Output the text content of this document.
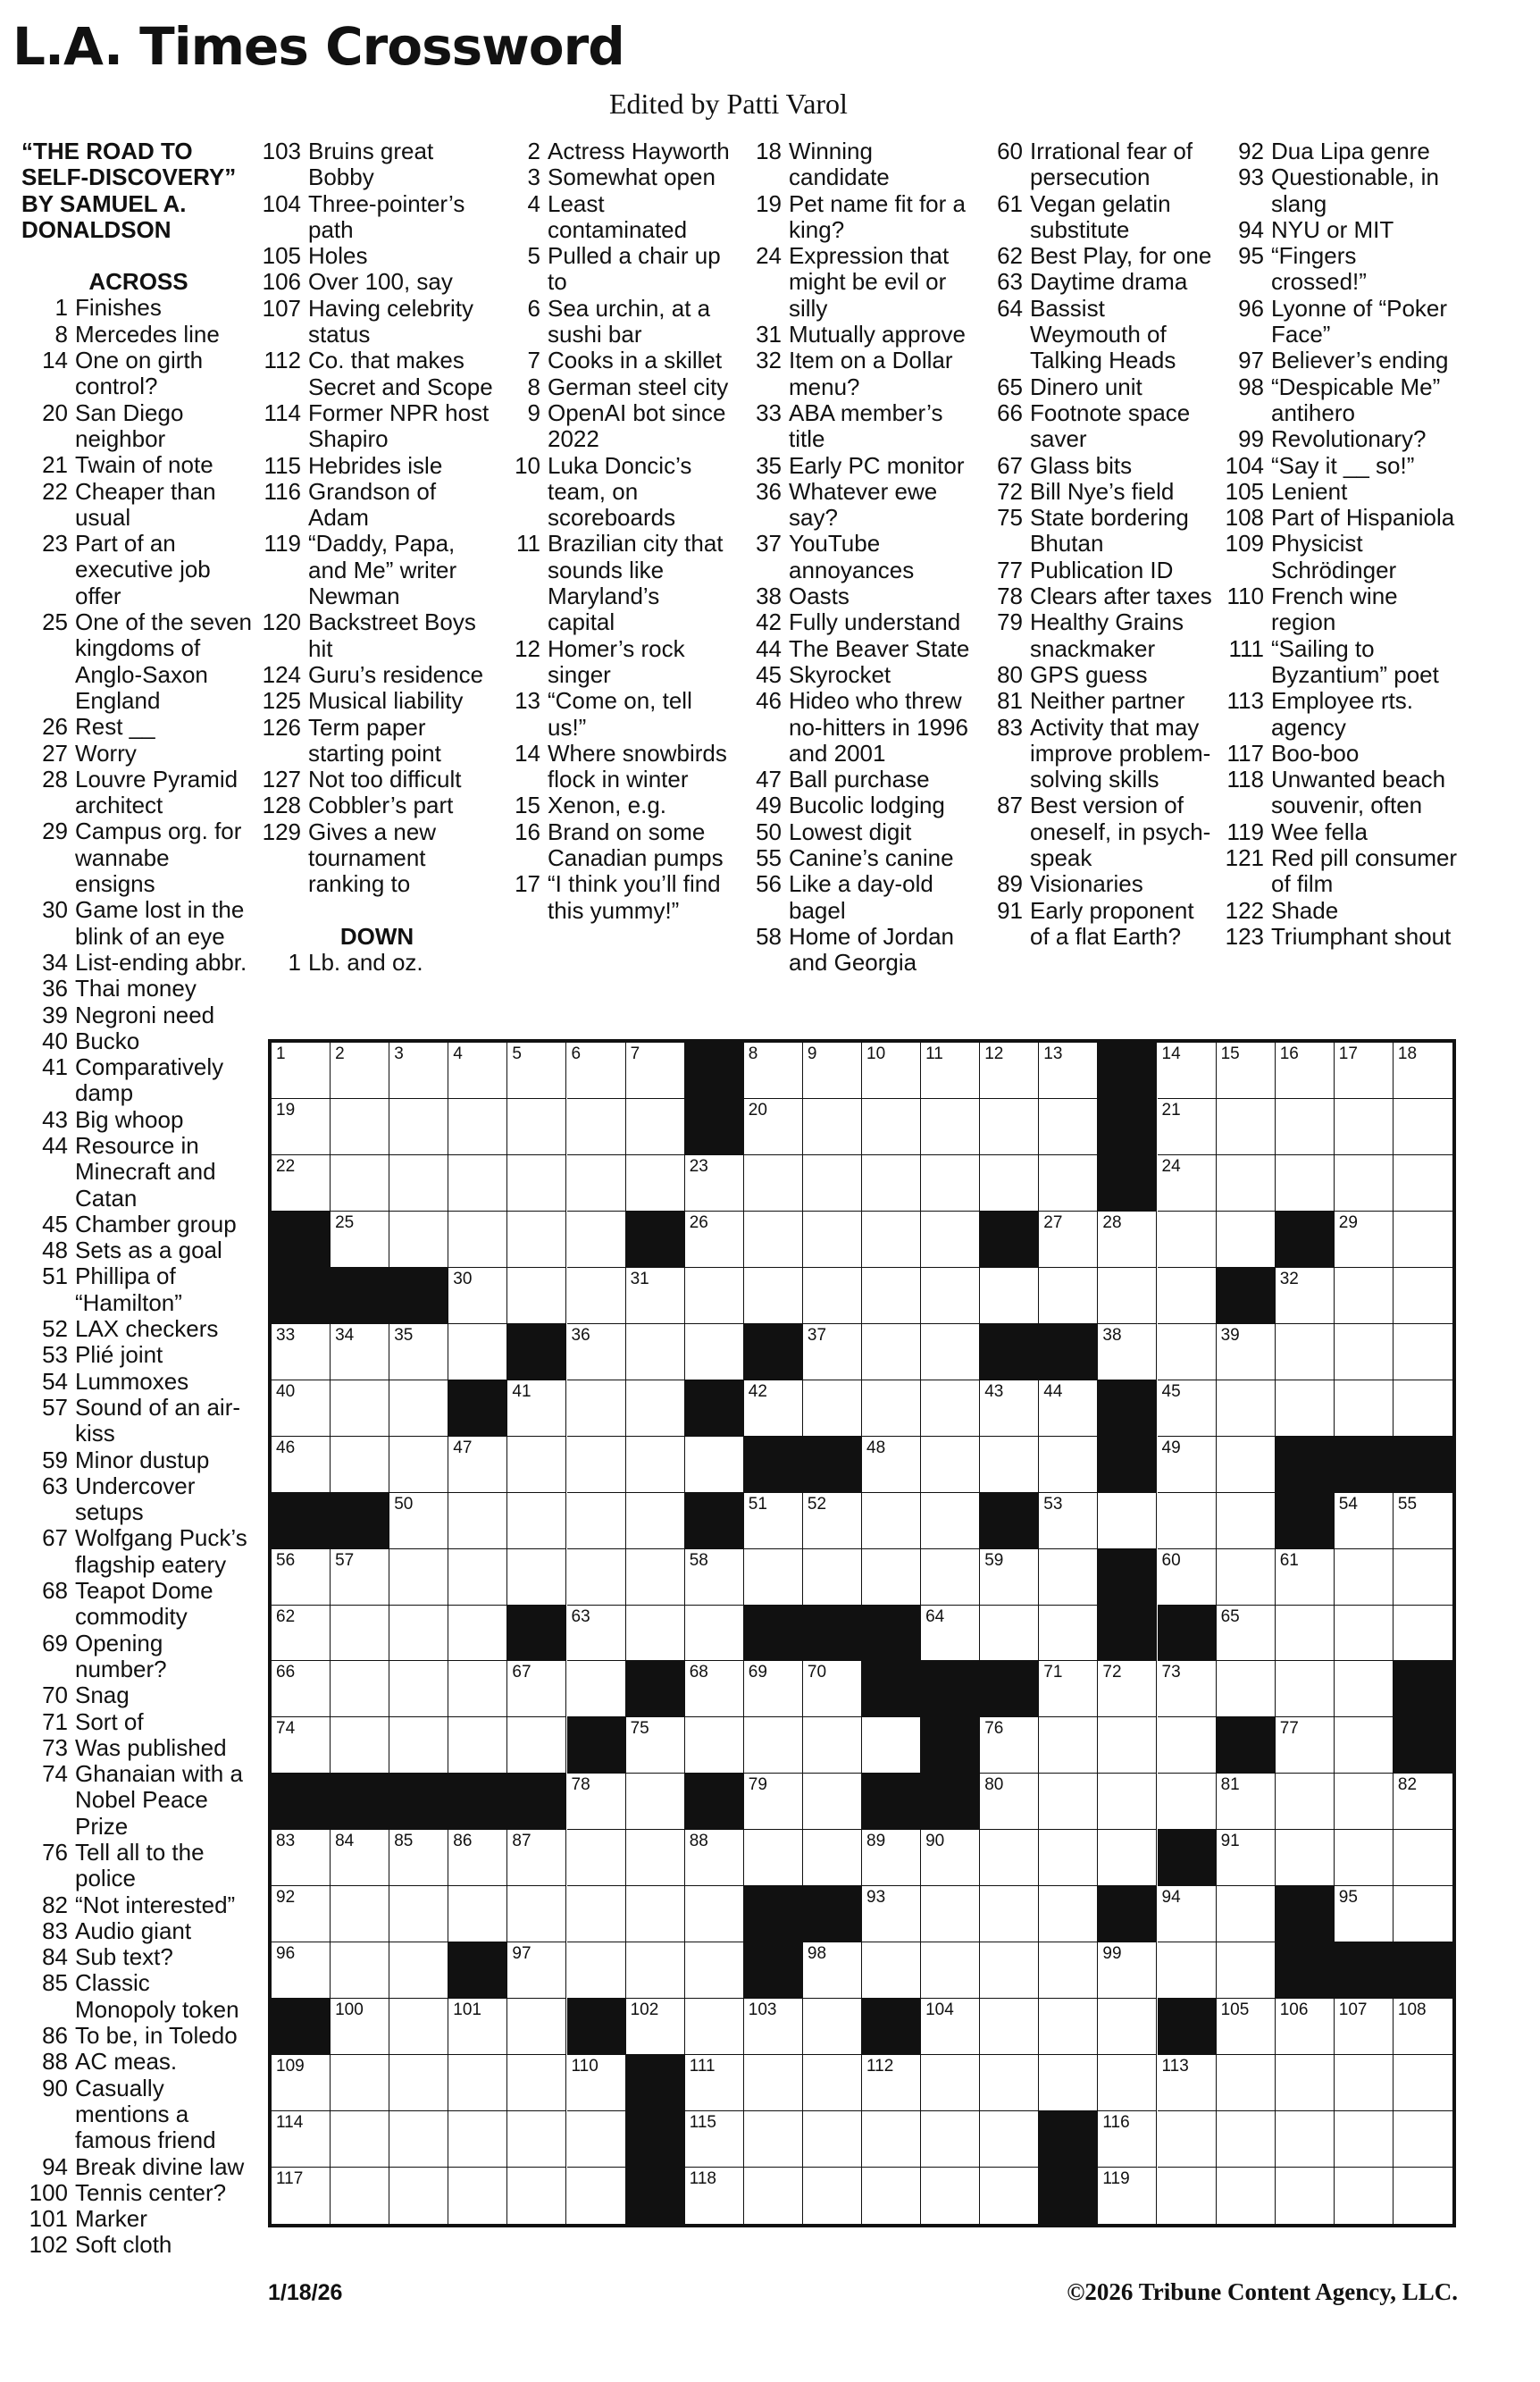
L.A. Times Crossword
Edited by Patti Varol
“THE ROAD TO SELF-DISCOVERY” BY SAMUEL A. DONALDSON
ACROSS
1 Finishes
8 Mercedes line
14 One on girth control?
20 San Diego neighbor
21 Twain of note
22 Cheaper than usual
23 Part of an executive job offer
25 One of the seven kingdoms of Anglo-Saxon England
26 Rest __
27 Worry
28 Louvre Pyramid architect
29 Campus org. for wannabe ensigns
30 Game lost in the blink of an eye
34 List-ending abbr.
36 Thai money
39 Negroni need
40 Bucko
41 Comparatively damp
43 Big whoop
44 Resource in Minecraft and Catan
45 Chamber group
48 Sets as a goal
51 Phillipa of “Hamilton”
52 LAX checkers
53 Plié joint
54 Lummoxes
57 Sound of an air-kiss
59 Minor dustup
63 Undercover setups
67 Wolfgang Puck’s flagship eatery
68 Teapot Dome commodity
69 Opening number?
70 Snag
71 Sort of
73 Was published
74 Ghanaian with a Nobel Peace Prize
76 Tell all to the police
82 “Not interested”
83 Audio giant
84 Sub text?
85 Classic Monopoly token
86 To be, in Toledo
88 AC meas.
90 Casually mentions a famous friend
94 Break divine law
100 Tennis center?
101 Marker
102 Soft cloth
103 Bruins great Bobby
104 Three-pointer’s path
105 Holes
106 Over 100, say
107 Having celebrity status
112 Co. that makes Secret and Scope
114 Former NPR host Shapiro
115 Hebrides isle
116 Grandson of Adam
119 “Daddy, Papa, and Me” writer Newman
120 Backstreet Boys hit
124 Guru’s residence
125 Musical liability
126 Term paper starting point
127 Not too difficult
128 Cobbler’s part
129 Gives a new tournament ranking to
DOWN
1 Lb. and oz.
2 Actress Hayworth
3 Somewhat open
4 Least contaminated
5 Pulled a chair up to
6 Sea urchin, at a sushi bar
7 Cooks in a skillet
8 German steel city
9 OpenAI bot since 2022
10 Luka Doncic’s team, on scoreboards
11 Brazilian city that sounds like Maryland’s capital
12 Homer’s rock singer
13 “Come on, tell us!”
14 Where snowbirds flock in winter
15 Xenon, e.g.
16 Brand on some Canadian pumps
17 “I think you’ll find this yummy!”
18 Winning candidate
19 Pet name fit for a king?
24 Expression that might be evil or silly
31 Mutually approve
32 Item on a Dollar menu?
33 ABA member’s title
35 Early PC monitor
36 Whatever ewe say?
37 YouTube annoyances
38 Oasts
42 Fully understand
44 The Beaver State
45 Skyrocket
46 Hideo who threw no-hitters in 1996 and 2001
47 Ball purchase
49 Bucolic lodging
50 Lowest digit
55 Canine’s canine
56 Like a day-old bagel
58 Home of Jordan and Georgia
60 Irrational fear of persecution
61 Vegan gelatin substitute
62 Best Play, for one
63 Daytime drama
64 Bassist Weymouth of Talking Heads
65 Dinero unit
66 Footnote space saver
67 Glass bits
72 Bill Nye’s field
75 State bordering Bhutan
77 Publication ID
78 Clears after taxes
79 Healthy Grains snackmaker
80 GPS guess
81 Neither partner
83 Activity that may improve problem-solving skills
87 Best version of oneself, in psych-speak
89 Visionaries
91 Early proponent of a flat Earth?
92 Dua Lipa genre
93 Questionable, in slang
94 NYU or MIT
95 “Fingers crossed!”
96 Lyonne of “Poker Face”
97 Believer’s ending
98 “Despicable Me” antihero
99 Revolutionary?
104 “Say it __ so!”
105 Lenient
108 Part of Hispaniola
109 Physicist Schrödinger
110 French wine region
111 “Sailing to Byzantium” poet
113 Employee rts. agency
117 Boo-boo
118 Unwanted beach souvenir, often
119 Wee fella
121 Red pill consumer of film
122 Shade
123 Triumphant shout
1	2	3	4	5	6	7	8	9	10 11 12 13	14 15 16 17 18
19	20	21
22	23	24
25	26	27 28	29
30	31	32
33 34 35	36	37	38	39
40	41	42	43 44	45
46	47	48	49
50	51 52	53	54 55
56 57	58	59	60	61
62	63	64	65
66	67	68 69 70	71 72 73
74	75	76	77
78	79	80	81	82
83 84 85 86 87	88	89 90	91
92	93	94	95
96	97	98	99
100	101	102	103	104	105 106 107 108
109	110	111	112	113
114	115	116
117	118	119
1/18/26	©2026 Tribune Content Agency, LLC.
